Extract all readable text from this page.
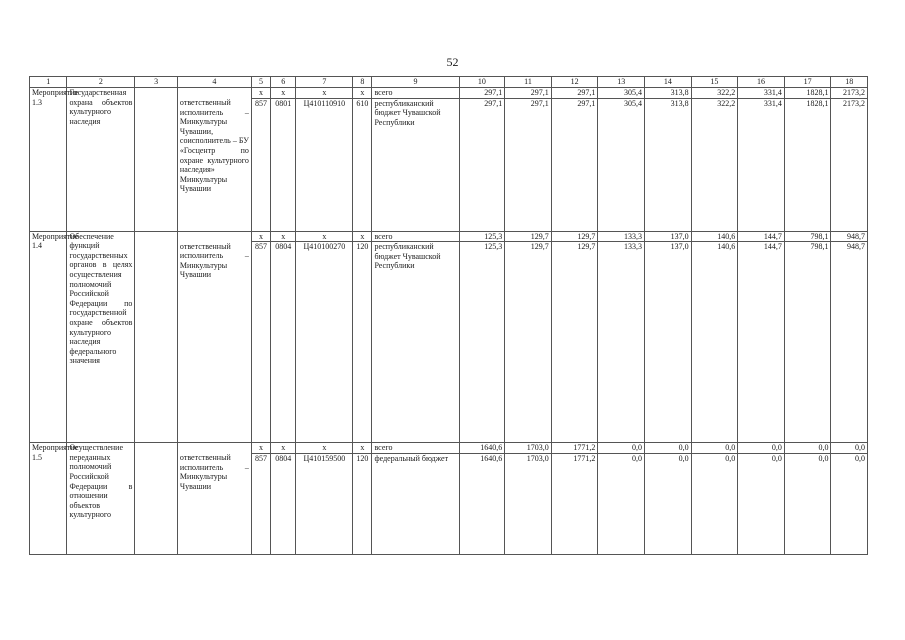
52
1	2	3	4	5	6	7	8	9	10	11	12	13	14	15	16	17	18
Мероприятие 1.3	Государственная охрана объектов культурного наследия			x	x	x	x	всего	297,1	297,1	297,1	305,4	313,8	322,2	331,4	1828,1	2173,2
			ответственный исполнитель – Минкультуры Чувашии, соисполнитель – БУ «Госцентр по охране культурного наследия» Минкультуры Чувашии	857	0801	Ц410110910	610	республиканский бюджет Чувашской Республики	297,1	297,1	297,1	305,4	313,8	322,2	331,4	1828,1	2173,2
Мероприятие 1.4	Обеспечение функций государственных органов в целях осуществления полномочий Российской Федерации по государственной охране объектов культурного наследия федерального значения			x	x	x	x	всего	125,3	129,7	129,7	133,3	137,0	140,6	144,7	798,1	948,7
			ответственный исполнитель – Минкультуры Чувашии	857	0804	Ц410100270	120	республиканский бюджет Чувашской Республики	125,3	129,7	129,7	133,3	137,0	140,6	144,7	798,1	948,7
Мероприятие 1.5	Осуществление переданных полномочий Российской Федерации в отношении объектов культурного			x	x	x	x	всего	1640,6	1703,0	1771,2	0,0	0,0	0,0	0,0	0,0	0,0
			ответственный исполнитель – Минкультуры Чувашии	857	0804	Ц410159500	120	федеральный бюджет	1640,6	1703,0	1771,2	0,0	0,0	0,0	0,0	0,0	0,0
